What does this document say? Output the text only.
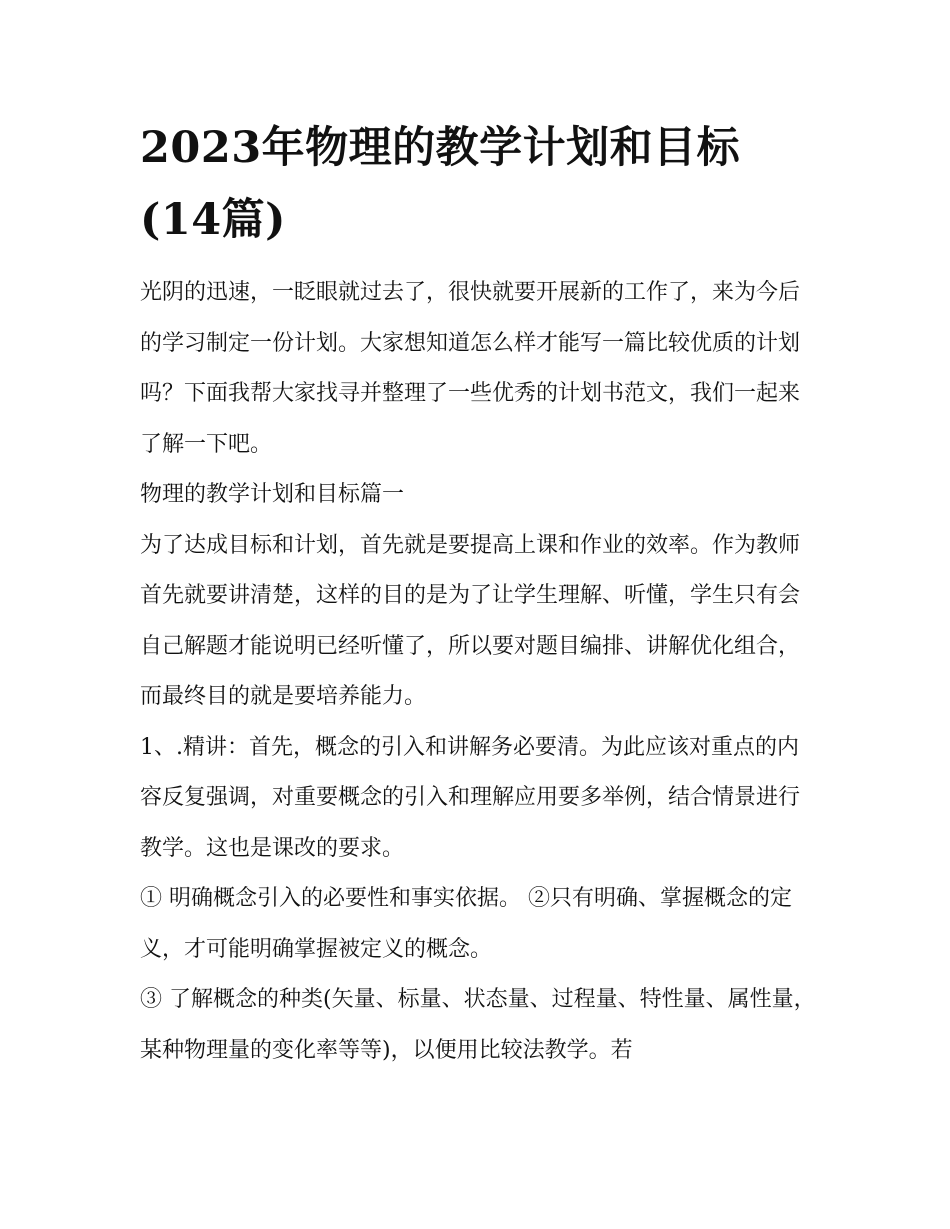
2023年物理的教学计划和目标(14篇)

光阴的迅速，一眨眼就过去了，很快就要开展新的工作了，来为今后的学习制定一份计划。大家想知道怎么样才能写一篇比较优质的计划吗？下面我帮大家找寻并整理了一些优秀的计划书范文，我们一起来了解一下吧。

物理的教学计划和目标篇一

为了达成目标和计划，首先就是要提高上课和作业的效率。作为教师首先就要讲清楚，这样的目的是为了让学生理解、听懂，学生只有会自己解题才能说明已经听懂了，所以要对题目编排、讲解优化组合，而最终目的就是要培养能力。

1、.精讲：首先，概念的引入和讲解务必要清。为此应该对重点的内容反复强调，对重要概念的引入和理解应用要多举例，结合情景进行教学。这也是课改的要求。

① 明确概念引入的必要性和事实依据。 ②只有明确、掌握概念的定义，才可能明确掌握被定义的概念。

③ 了解概念的种类(矢量、标量、状态量、过程量、特性量、属性量，某种物理量的变化率等等)，以便用比较法教学。若
